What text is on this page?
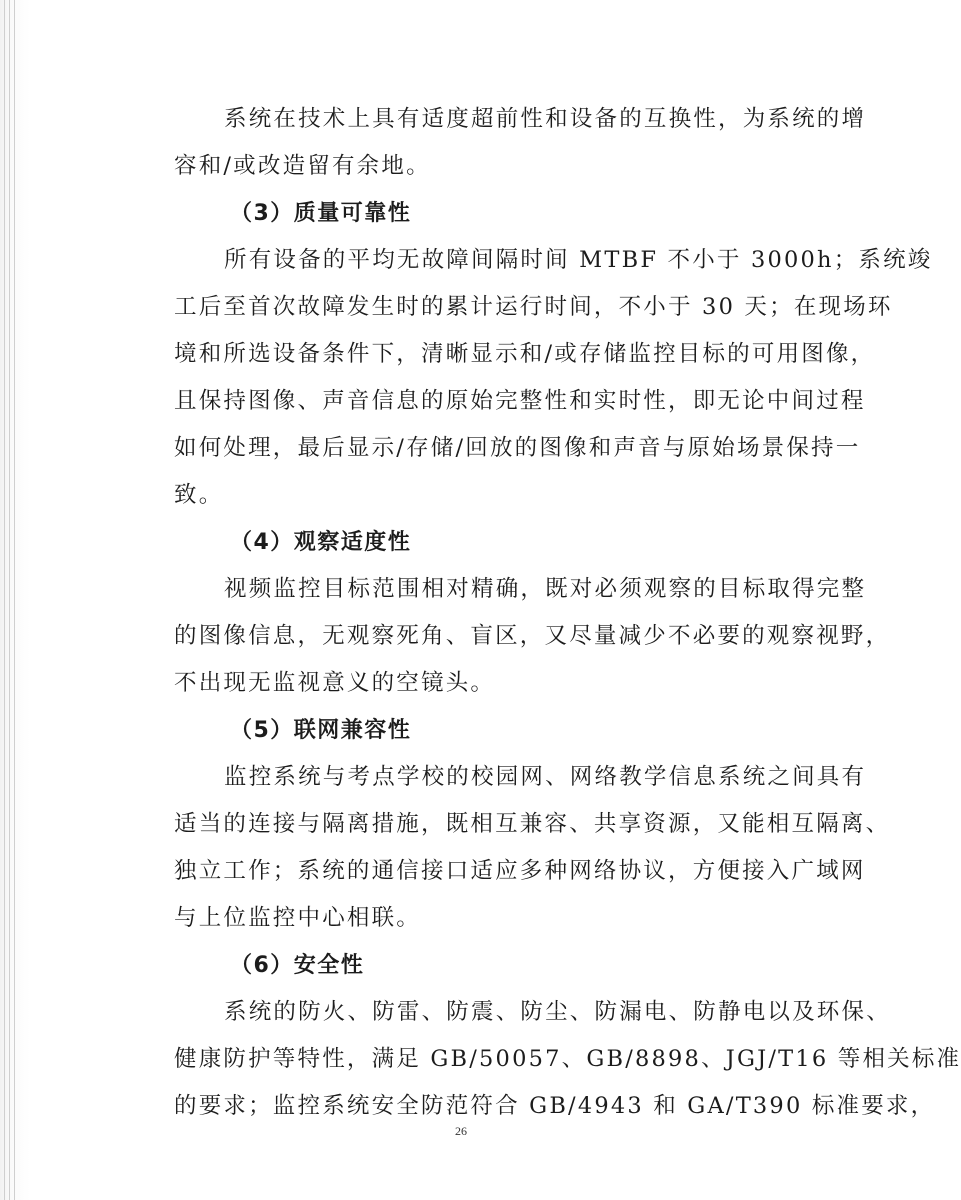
系统在技术上具有适度超前性和设备的互换性，为系统的增
容和/或改造留有余地。
（3）质量可靠性
所有设备的平均无故障间隔时间 MTBF 不小于 3000h；系统竣
工后至首次故障发生时的累计运行时间，不小于 30 天；在现场环
境和所选设备条件下，清晰显示和/或存储监控目标的可用图像，
且保持图像、声音信息的原始完整性和实时性，即无论中间过程
如何处理，最后显示/存储/回放的图像和声音与原始场景保持一
致。
（4）观察适度性
视频监控目标范围相对精确，既对必须观察的目标取得完整
的图像信息，无观察死角、盲区，又尽量减少不必要的观察视野，
不出现无监视意义的空镜头。
（5）联网兼容性
监控系统与考点学校的校园网、网络教学信息系统之间具有
适当的连接与隔离措施，既相互兼容、共享资源，又能相互隔离、
独立工作；系统的通信接口适应多种网络协议，方便接入广域网
与上位监控中心相联。
（6）安全性
系统的防火、防雷、防震、防尘、防漏电、防静电以及环保、
健康防护等特性，满足 GB/50057、GB/8898、JGJ/T16 等相关标准
的要求；监控系统安全防范符合 GB/4943 和 GA/T390 标准要求，
26
